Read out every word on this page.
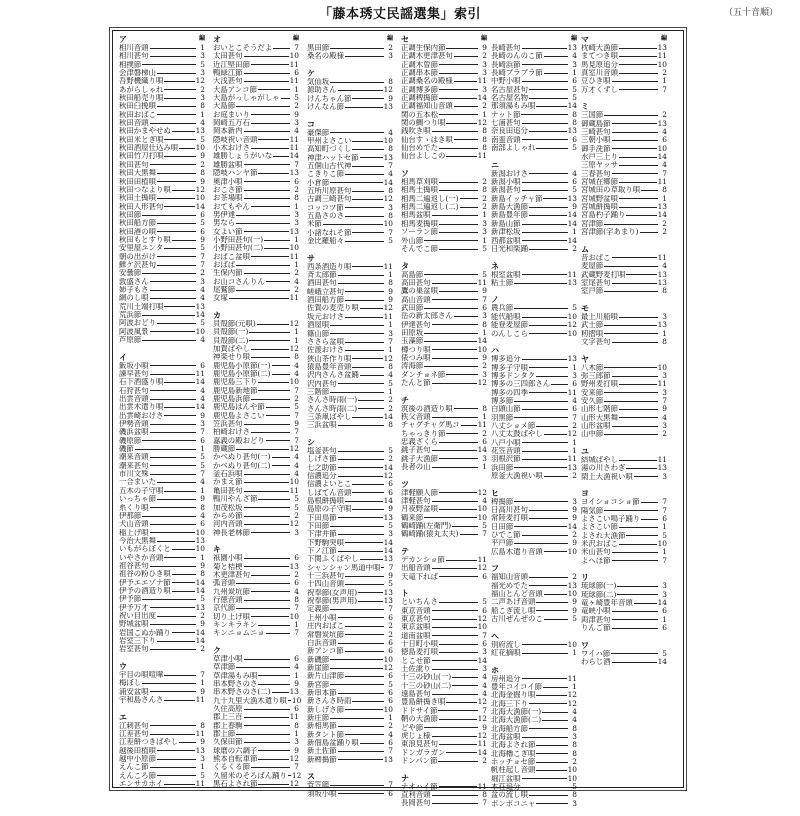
「藤本琇丈民謡選集」索引	（五十音順）
編
ア
相川音頭	1
相川甚句	3
相撲節	5
会津磐梯山	3
吾野機織り唄	12
あがらしゃれ	2
秋田船売り唄	3
秋田臼挽唄	8
秋田おばこ	1
秋田音頭	4
秋田かまやせぬ	13
秋田米とぎ唄	5
秋田酒屋仕込み唄 10
秋田竹刀打唄	9
秋田甚句	2
秋田大黒舞	8
秋田田植唄	9
秋田つなより唄	12
秋田土搗唄	10
秋田人形甚句	14
秋田節	6
秋田船方節	5
秋田港の唄	6
秋田もとすり唄	9
安里屋ユンタ	5
朝の出がけ	7
鰺ケ沢甚句	7
安曇節	2
敦盛さん	3
姉子もさ	4
網のし唄	4
荒川土端打唄	13
荒浜節	14
阿波おどり	5
阿波風景	10
芦原節	4
イ
飯坂小唄	6
諫早甚句	11
石下酒盛り唄	14
石狩甚句	4
出雲音頭	4
出雲木遣り唄	14
出雲崎おけさ	9
伊勢音頭	3
磯浜盆唄	7
磯原節	6
磯節	1
潮来音頭	5
潮来甚句	5
市川文殊	7
一合まいた	4
五木の子守唄	1
いっちゃ節	9
糸くり唄	8
伊那節	4
犬山音頭	6
稲上げ唄	10
今治大黒舞	13
いもがらぼくと	10
いやさか音頭	1
祖谷甚句	9
祖谷の粉ひき唄	8
伊予エエゾナ節	14
伊予の酒造り唄	14
伊予節	5
伊予万才	13
祝い目出度	2
野城盆唄	9
岩国こぬか踊り	14
岩室三下り	14
岩室甚句	2
ウ
宇目の唄喧嘩	7
梅ぼし	1
浦安盆唄	9
宇和島さんさ	11
エ
江刺甚句	8
江差甚句	11
江差餅つきばやし	9
越後田植唄	13
越中小原節	3
えんこ節	1
えんころ節	5
エンサカホイ	11
編
オ
おいとこそうだよ	7
太田甚句	10
近江堅田節	11
鴨緑江節	6
大浅甚句	11
大島アンコ節	1
大島がっしゃがしゃ	5
大島節	2
お庭まいり	9
岡崎五万石	3
岡本新内	4
隠岐祝い音頭	11
小木おけさ	11
雄勝しょうがいな 14
雄勝盆唄	7
隠岐ハンヤ節	13
奥津小唄	6
おこさ節	2
お茶場唄	8
おてもやん	1
男伊達	3
男なら	3
女よい節	13
小野田甚句(一)	1
小野田甚句(二)	10
おばこ盆唄	11
おばば	1
生保内節	2
お山コさんりん	4
尾鷲節	2
女塚	11
カ
貝殻節(元唄)	12
貝殻節(一)	1
貝殻節(二)	1
加賀ばやし	12
神楽せり唄	8
鹿児島小原節(一)	4
鹿児島小原節(二)	4
鹿児島三下り	10
鹿児島新地節	7
鹿児島浜節	2
鹿児島はんや節	5
鹿児島よさこい	7
笠浜甚句	9
柏崎おけさ	7
嘉義の殿おどり	7
勝蔵節	12
かべぬり甚句(一)	4
かべぬり甚句(二)	4
釜石浜唄	4
かまえ節	10
亀田甚句	11
鴨川やんざ節	5
加茂松坂	5
からめ節	2
河内音頭	12
神長老林節	3
キ
祇園小唄	6
菊と桔梗	13
木更津甚句	2
弧音頭	6
九州炭坑節	4
行徳音頭	8
京代節	7
切り上げ唄	10
キンキラキン	1
キンニョムニョ	7
ク
草津小唄	6
草津節	4
草津湯もみ唄	1
串本野さのさ	9
串木野さのさ(二)	13
九十九里大漁木遣り唄 10
久住高原	6
郡上三百	11
郡上春駒	8
郡上節	1
久保田節	3
球磨の六調子	9
熊本自転車節	12
くるくる節	7
久留米のそろばん踊り 12
黒石よされ節	12
編
黒田節	2
桑名の殿様	3
ケ
気仙坂	8
源助さん	12
けんちゃん節	9
けんなん節	13
コ
豪傑節	4
甲州よさこい	10
高知町づくし	8
神津ハットセ節	13
五個山古代神	7
こきりこ節	4
小倉節	14
五所川原甚句	8
古調三崎甚句	12
コッコツ節	3
五島さのさ	8
米節	10
小諸なれそ節	7
金比羅船々	5
サ
西条酒造り唄	11
斉太郎節	1
酒田甚句	8
嵯峨立甚句	9
酒田船方節	9
佐賀の麦売り唄	12
坂元おけさ	11
酒屋唄	1
篠山節	3
ささら盆唄	7
佐渡おけさ	1
狭山茶作り唄	12
猿島豊年音頭	8
沢内さんさ盆踊	4
沢内甚句	5
三階節	1
さんさ時雨(一)	2
さんさ時雨(二)	2
三条凧ばやし	14
三浜盆唄	8
シ
塩釜甚句	5
しげさ節	2
七之助節	14
信濃追分	12
信濃よいとこ	6
しばてん音頭	6
島根餅搗唄	14
島原の子守唄	9
下田鳥節	13
下田節	5
下津井節	3
下野駒突唄	14
下ノ江節	14
下関ふくばやし	13
シャンシャン馬道中唄	7
十三浜甚句	9
十四山音頭	5
祝奉節(女声用)	13
祝奉節(男声用)	13
定義節	7
上州小唄	6
庄内おばこ	2
常磐炭坑節	2
白浜音頭	6
新アンコ節	6
新磯節	10
新崖節	12
新片山津節	6
新宮節	5
新串本節	6
新さんさ時雨	6
新しげさ節	10
新庄節	1
新相馬節	2
新タント節	4
新佃島盆踊り唄	6
新土佐節	7
新稗搗節	13
ス
菅笠節	7
須坂小唄	6
編
セ
正調生保内節	9
正調木更津甚句	2
正調木曽節	3
正調串本節	3
正調桑名の殿様	11
正調博多節	3
正調稗搗節	14
正調福知山音頭	2
関の五本松	1
関の鯛つり唄	12
銭吹き唄	8
仙台すゝはき唄	8
仙台めでた	8
仙台よしこの	11
ソ
相馬草刈唄	2
相馬土搗唄	8
相馬二遍返し(一)	2
相馬二遍返し(二)	2
相馬盆唄	1
相馬麦搗唄	3
ソーラン節	3
外山節	1
そんでこ節	5
タ
高島節	5
高田甚句	11
鷹の巣盆唄	9
高山音頭	7
武田節	6
岳の新太郎さん	3
伊達甚句	8
田原坂	1
玉藻節	14
樽つり唄	10
俵つみ唄	9
涛海節	2
ダンチョネ節	3
たんと節	12
チ
筑後の酒造り唄	8
秩父音頭	1
チャグチャグ馬コ 11
ちゃっきり節	2
忠義ざくら	6
銚子甚句	14
銚子大漁節	3
長者の山	1
ツ
津軽願人節	12
津軽甚句	4
月夜野盆唄	10
鶴来節	10
鶴崎踊(左衛門)	5
鶴崎踊(猿丸太夫)	7
テ
デカンショ節	11
出船音頭	12
天竜下れば	6
ト
といちんさ	5
東京音頭	6
東京甚句	12
東京盆唄	10
道南盆唄	7
十日町小唄	6
徳島麦打唄	3
とこせ節	14
土佐訛り	3
十三の砂山(一)	4
十三の砂山(二)	4
遠島甚句	4
豊島餅搗き唄	12
ドドサイ節	7
鞆の大漁節	12
どや節	9
虎じょ様	12
東浪見甚句	11
ドンガラガン	14
ドンパン節	2
ナ
ナオハイ節	11
直利音頭	8
長岡甚句	7
編
長崎甚句	13
長崎のんのこ節	4
長崎浜節	3
長崎ブラブラ節	1
中野小唄	6
名古屋甚句	5
名古屋名物	5
那須湯もみ唄	14
ナット節	8
七浦甚句	8
奈良田追分	13
南蛮音頭	6
南部よしゃれ	5
ニ
新潟おけさ	4
新潟小唄	6
新潟甚句	5
新島イッチャ節	13
新島大漁節	9
新島豊年節	14
新島山節	14
新津松坂	1
西都盆唄	14
日光和楽踊	2
ネ
根室盆唄	11
粘土節	13
ノ
農兵節	5
能代船唄	10
能登麦屋節	12
のんしこら	10
ハ
博多追分	13
博多子守唄	1
博多ドンタク	3
博多の三四郎さん	6
博多の四季	11
博多節	4
白頭山節	6
羽黒節	7
八丈ショメ節	2
八丈太鼓ばやし	12
八戸小唄	1
花笠音頭	1
羽根沢節	11
浜田節	13
原釜大漁祝い唄	2
ヒ
稗搗節	3
日高川甚句	9
常陸麦打唄	9
日田節	14
ひでこ節	2
平戸節	9
広島木遣り音頭	10
フ
福知山音頭	2
福光めでた	13
福山とんど音頭	10
二声あげ音頭	9
船こぎ流し唄	9
古川ぜんぜのこ	5
ヘ
別府流し	10
紅花摘唄	1
ホ
房州追分	11
豊年コイコイ節	1
北海金掘り唄	12
北海三下り	12
北海大漁節(一)	4
北海大漁節(二)	4
北海船方節	8
北海盆唄	3
北海よされ節	8
北海櫓こぎ唄	8
ホッチョセ節	2
帆柱起し音頭	10
堀江盆唄	10
本荘追分	5
盆の流し唄	8
ポンポコニャ	3
編
マ
枕崎大漁節	13
まてつき唄	11
馬見原追分	10
真室川音頭	2
豆ひき唄	1
万才くずし	7
ミ
三国節	2
御蔵島節	13
三崎甚句	4
三朝小唄	6
御手洗節	10
水戸三上り	14
三原ヤッサ	4
三春甚句	7
宮城在郷節	11
宮城田の草取り唄	8
宮城野盆唄	1
宮城餅搗唄	13
宮島杓子踊り	14
宮津節	2
宮津節(字あまり)	2
ム
昔おばこ	11
麦屋節	4
武蔵野麦打唄	13
室尾甚句	13
室戸節	8
モ
最上川船唄	3
武士節	13
籾摺唄	1
文字甚句	8
ヤ
八木節	10
弥三郎節	3
野州麦打唄	11
安来節	3
安久節	7
山形七階節	9
山形大黒舞	4
山形盆唄	3
山中節	2
ユ
結城ばやし	11
湯の川さわぎ	13
閖上大漁祝い唄	3
ヨ
ヨイショコショ節	7
陽気節	7
よさこい鳴子踊り	6
よさこい節	1
よされ大漁節	5
米沢おばこ	10
米山甚句	1
よへほ節	7
リ
琉球節(一)	3
琉球節(二)	3
竜ヶ崎豊年音頭	14
竜峡小唄	6
両津甚句	1
りんご節	6
ワ
ワイハ節	5
わらじ酒	14
